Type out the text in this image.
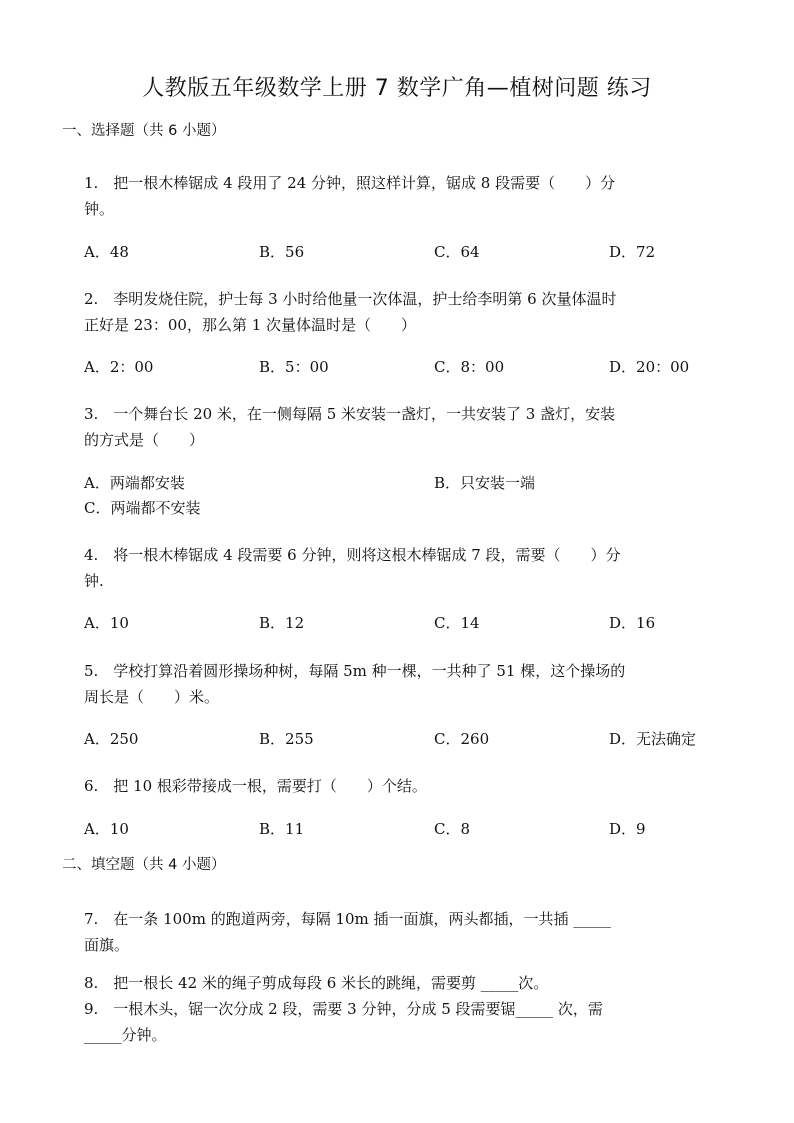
人教版五年级数学上册 7 数学广角—植树问题 练习
一、选择题（共 6 小题）
1.　把一根木棒锯成 4 段用了 24 分钟，照这样计算，锯成 8 段需要（　　）分
钟。
A．48	B．56	C．64	D．72
2.　李明发烧住院，护士每 3 小时给他量一次体温，护士给李明第 6 次量体温时
正好是 23：00，那么第 1 次量体温时是（　　）
A．2：00	B．5：00	C．8：00	D．20：00
3.　一个舞台长 20 米，在一侧每隔 5 米安装一盏灯，一共安装了 3 盏灯，安装
的方式是（　　）
A．两端都安装	B．只安装一端
C．两端都不安装
4.　将一根木棒锯成 4 段需要 6 分钟，则将这根木棒锯成 7 段，需要（　　）分
钟.
A．10	B．12	C．14	D．16
5.　学校打算沿着圆形操场种树，每隔 5m 种一棵，一共种了 51 棵，这个操场的
周长是（　　）米。
A．250	B．255	C．260	D．无法确定
6.　把 10 根彩带接成一根，需要打（　　）个结。
A．10	B．11	C．8	D．9
二、填空题（共 4 小题）
7.　在一条 100m 的跑道两旁，每隔 10m 插一面旗，两头都插，一共插 _____
面旗。
8.　把一根长 42 米的绳子剪成每段 6 米长的跳绳，需要剪 _____次。
9.　一根木头，锯一次分成 2 段，需要 3 分钟，分成 5 段需要锯_____ 次，需
_____分钟。
